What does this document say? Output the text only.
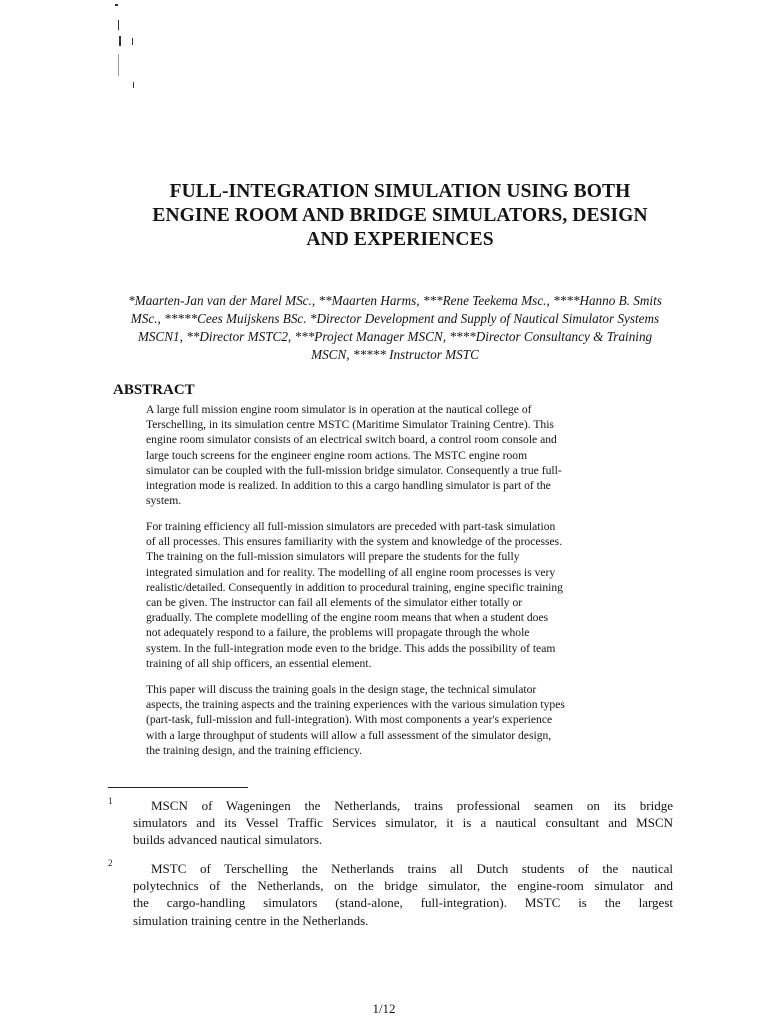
FULL-INTEGRATION SIMULATION USING BOTH
ENGINE ROOM AND BRIDGE SIMULATORS, DESIGN
AND EXPERIENCES
*Maarten-Jan van der Marel MSc., **Maarten Harms, ***Rene Teekema Msc., ****Hanno B. Smits
MSc., *****Cees Muijskens BSc. *Director Development and Supply of Nautical Simulator Systems
MSCN1, **Director MSTC2, ***Project Manager MSCN, ****Director Consultancy & Training
MSCN, ***** Instructor MSTC
ABSTRACT
A large full mission engine room simulator is in operation at the nautical college of
Terschelling, in its simulation centre MSTC (Maritime Simulator Training Centre). This
engine room simulator consists of an electrical switch board, a control room console and
large touch screens for the engineer engine room actions. The MSTC engine room
simulator can be coupled with the full-mission bridge simulator. Consequently a true full-
integration mode is realized. In addition to this a cargo handling simulator is part of the
system.
For training efficiency all full-mission simulators are preceded with part-task simulation
of all processes. This ensures familiarity with the system and knowledge of the processes.
The training on the full-mission simulators will prepare the students for the fully
integrated simulation and for reality. The modelling of all engine room processes is very
realistic/detailed. Consequently in addition to procedural training, engine specific training
can be given. The instructor can fail all elements of the simulator either totally or
gradually. The complete modelling of the engine room means that when a student does
not adequately respond to a failure, the problems will propagate through the whole
system. In the full-integration mode even to the bridge. This adds the possibility of team
training of all ship officers, an essential element.
This paper will discuss the training goals in the design stage, the technical simulator
aspects, the training aspects and the training experiences with the various simulation types
(part-task, full-mission and full-integration). With most components a year's experience
with a large throughput of students will allow a full assessment of the simulator design,
the training design, and the training efficiency.
1	MSCN of Wageningen the Netherlands, trains professional seamen on its bridge
simulators and its Vessel Traffic Services simulator, it is a nautical consultant and MSCN
builds advanced nautical simulators.
2	MSTC of Terschelling the Netherlands trains all Dutch students of the nautical
polytechnics of the Netherlands, on the bridge simulator, the engine-room simulator and
the cargo-handling simulators (stand-alone, full-integration). MSTC is the largest
simulation training centre in the Netherlands.
1/12
